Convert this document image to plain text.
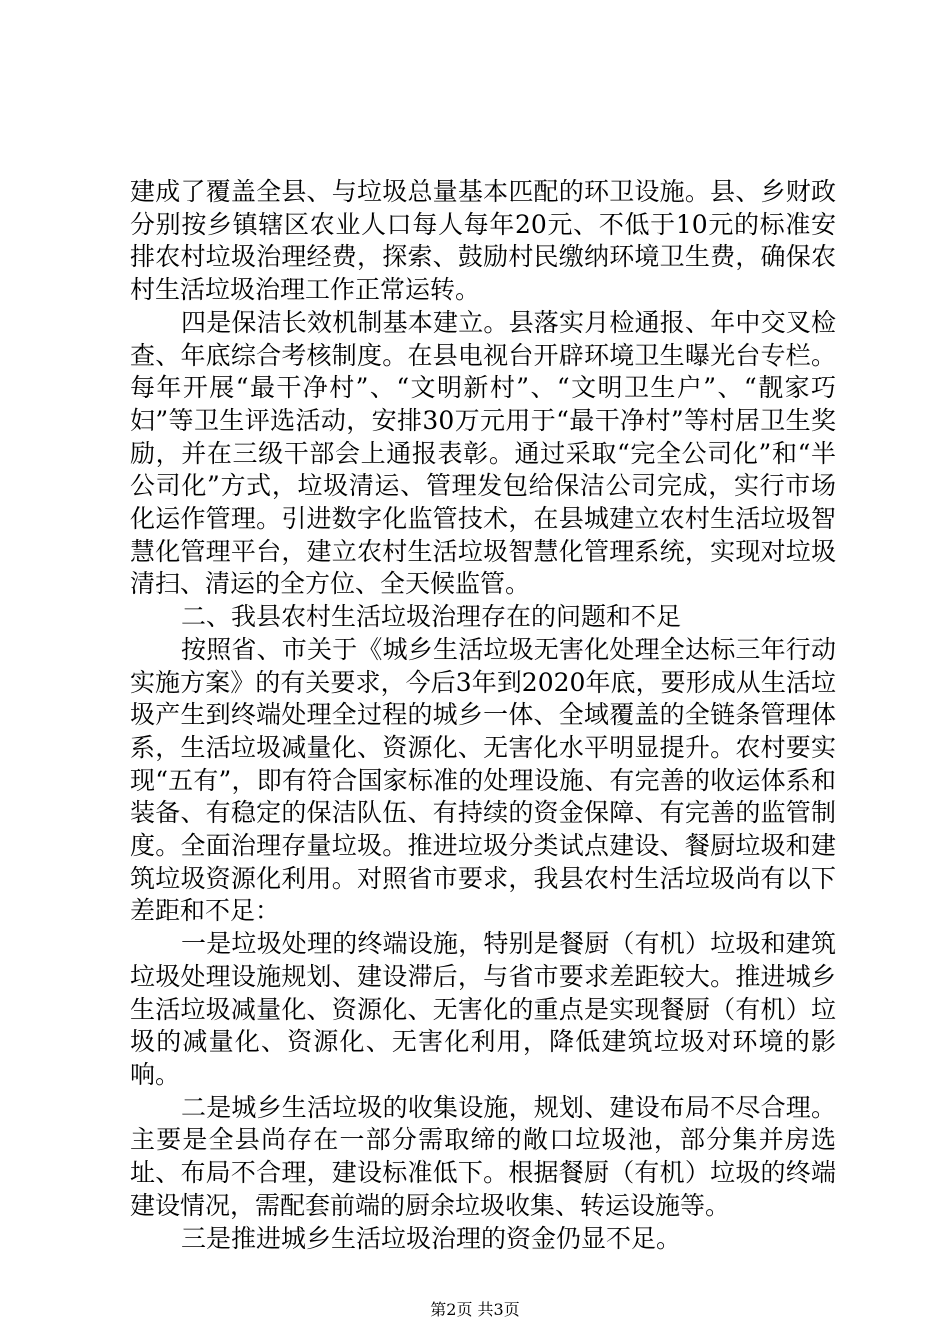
建成了覆盖全县、与垃圾总量基本匹配的环卫设施。县、乡财政分别按乡镇辖区农业人口每人每年20元、不低于10元的标准安排农村垃圾治理经费，探索、鼓励村民缴纳环境卫生费，确保农村生活垃圾治理工作正常运转。

四是保洁长效机制基本建立。县落实月检通报、年中交叉检查、年底综合考核制度。在县电视台开辟环境卫生曝光台专栏。每年开展“最干净村”、“文明新村”、“文明卫生户”、“靓家巧妇”等卫生评选活动，安排30万元用于“最干净村”等村居卫生奖励，并在三级干部会上通报表彰。通过采取“完全公司化”和“半公司化”方式，垃圾清运、管理发包给保洁公司完成，实行市场化运作管理。引进数字化监管技术，在县城建立农村生活垃圾智慧化管理平台，建立农村生活垃圾智慧化管理系统，实现对垃圾清扫、清运的全方位、全天候监管。

二、我县农村生活垃圾治理存在的问题和不足

按照省、市关于《城乡生活垃圾无害化处理全达标三年行动实施方案》的有关要求，今后3年到2020年底，要形成从生活垃圾产生到终端处理全过程的城乡一体、全域覆盖的全链条管理体系，生活垃圾减量化、资源化、无害化水平明显提升。农村要实现“五有”，即有符合国家标准的处理设施、有完善的收运体系和装备、有稳定的保洁队伍、有持续的资金保障、有完善的监管制度。全面治理存量垃圾。推进垃圾分类试点建设、餐厨垃圾和建筑垃圾资源化利用。对照省市要求，我县农村生活垃圾尚有以下差距和不足：

一是垃圾处理的终端设施，特别是餐厨（有机）垃圾和建筑垃圾处理设施规划、建设滞后，与省市要求差距较大。推进城乡生活垃圾减量化、资源化、无害化的重点是实现餐厨（有机）垃圾的减量化、资源化、无害化利用，降低建筑垃圾对环境的影响。

二是城乡生活垃圾的收集设施，规划、建设布局不尽合理。主要是全县尚存在一部分需取缔的敞口垃圾池，部分集并房选址、布局不合理，建设标准低下。根据餐厨（有机）垃圾的终端建设情况，需配套前端的厨余垃圾收集、转运设施等。

三是推进城乡生活垃圾治理的资金仍显不足。

第2页 共3页
